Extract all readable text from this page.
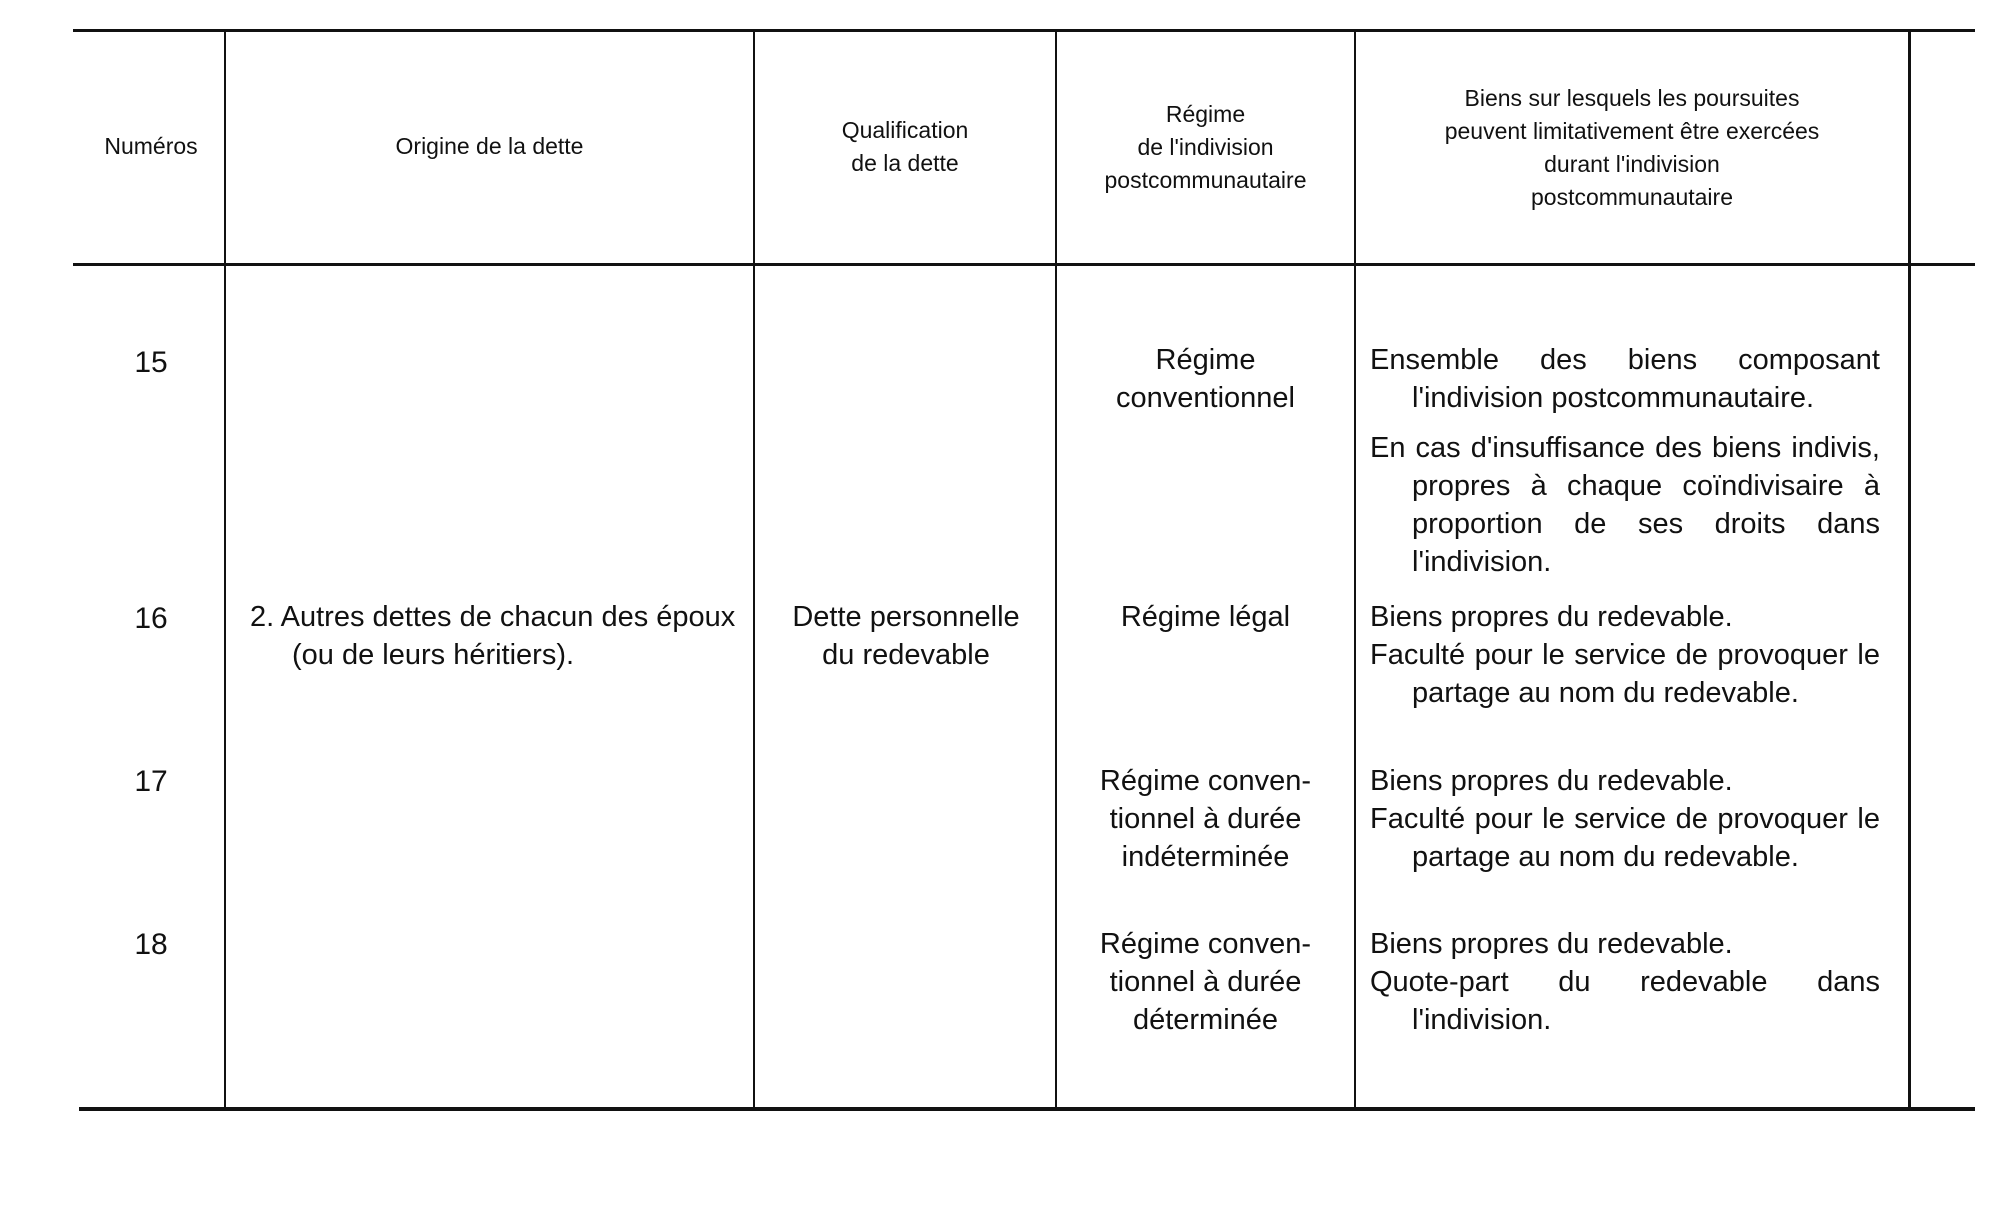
Numéros	Origine de la dette
Qualification
de la dette
Régime
de l'indivision
postcommunautaire
Biens sur lesquels les poursuites
peuvent limitativement être exercées
durant l'indivision
postcommunautaire
15
16
17
18
2. Autres dettes de chacun des époux (ou de leurs héritiers).
Dette personnelle
du redevable
Régime
conventionnel
Régime légal
Régime conven-
tionnel à durée
indéterminée
Régime conven-
tionnel à durée
déterminée

Ensemble des biens composant l'indivision postcommunautaire.

En cas d'insuffisance des biens indivis, propres à chaque coïndivisaire à proportion de ses droits dans l'indivision.

Biens propres du redevable.

Faculté pour le service de provoquer le partage au nom du redevable.

Biens propres du redevable.

Faculté pour le service de provoquer le partage au nom du redevable.

Biens propres du redevable.

Quote-part du redevable dans l'indivision.
